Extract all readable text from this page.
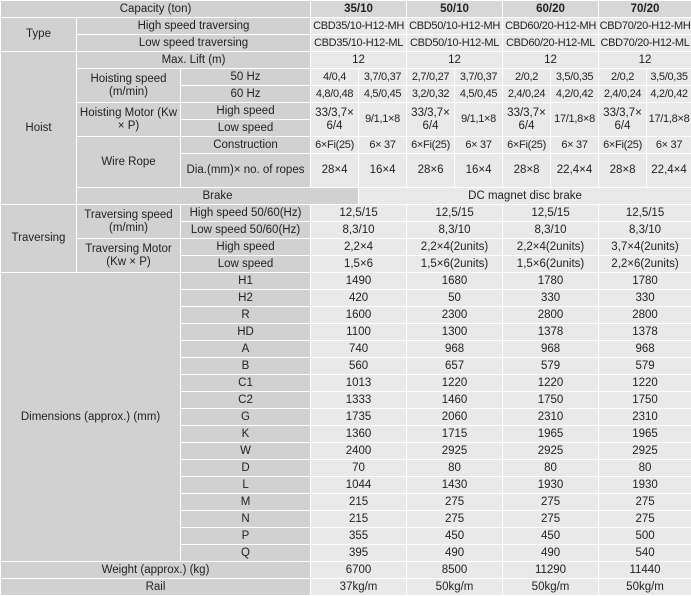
Capacity (ton)			35/10		50/10		60/20		70/20	
Type	High speed traversing		CBD35/10-H12-MH		CBD50/10-H12-MH		CBD60/20-H12-MH		CBD70/20-H12-MH	
	Low speed traversing		CBD35/10-H12-ML		CBD50/10-H12-ML		CBD60/20-H12-ML		CBD70/20-H12-ML	
Hoist	Max. Lift (m)		12		12		12		12	
	Hoisting speed (m/min)	50 Hz	4/0,4	3,7/0,37	2,7/0,27	3,7/0,37	2/0,2	3,5/0,35	2/0,2	3,5/0,35
		60 Hz	4,8/0,48	4,5/0,45	3,2/0,32	4,5/0,45	2,4/0,24	4,2/0,42	2,4/0,24	4,2/0,42
	Hoisting Motor (Kw × P)	High speed	33/3,7× 6/4	9/1,1×8	33/3,7× 6/4	9/1,1×8	33/3,7× 6/4	17/1,8×8	33/3,7× 6/4	17/1,8×8
		Low speed								
	Wire Rope	Construction	6×Fi(25)	6× 37	6×Fi(25)	6× 37	6×Fi(25)	6× 37	6×Fi(25)	6× 37
		Dia.(mm)× no. of ropes	28×4	16×4	28×6	16×4	28×8	22,4×4	28×8	22,4×4

	Brake			DC magnet disc brake						
Traversing	Traversing speed (m/min)	High speed 50/60(Hz)	12,5/15		12,5/15		12,5/15		12,5/15	
		Low speed 50/60(Hz)	8,3/10		8,3/10		8,3/10		8,3/10	
	Traversing Motor (Kw × P)	High speed	2,2×4		2,2×4(2units)		2,2×4(2units)		3,7×4(2units)	
		Low speed	1,5×6		1,5×6(2units)		1,5×6(2units)		2,2×6(2units)	
Dimensions (approx.) (mm)		H1	1490		1680		1780		1780	
		H2	420		50		330		330	
		R	1600		2300		2800		2800	
		HD	1100		1300		1378		1378	
		A	740		968		968		968	
		B	560		657		579		579	
		C1	1013		1220		1220		1220	
		C2	1333		1460		1750		1750	
		G	1735		2060		2310		2310	
		K	1360		1715		1965		1965	
		W	2400		2925		2925		2925	
		D	70		80		80		80	
		L	1044		1430		1930		1930	
		M	215		275		275		275	
		N	215		275		275		275	
		P	355		450		450		500	
		Q	395		490		490		540	
Weight (approx.) (kg)			6700		8500		11290		11440	
Rail			37kg/m		50kg/m		50kg/m		50kg/m	
